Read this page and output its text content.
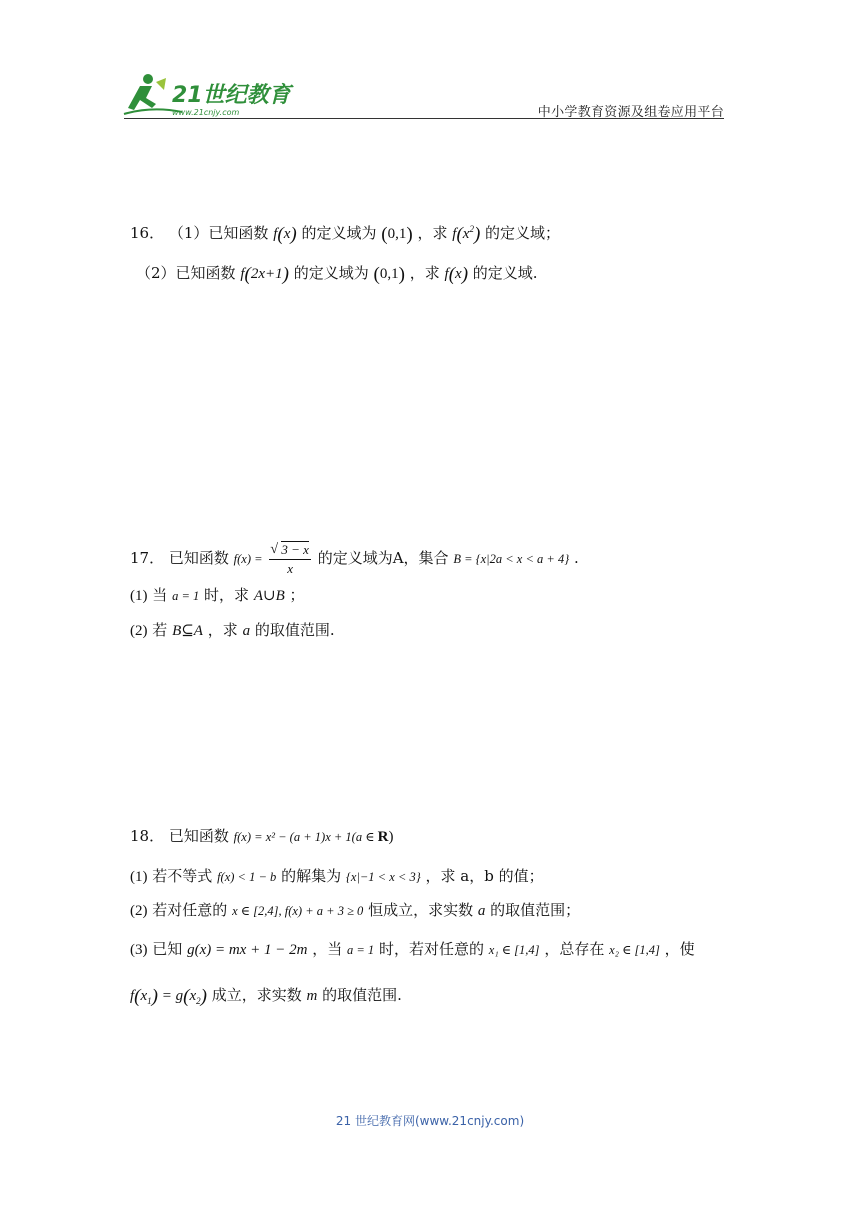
21世纪教育
www.21cnjy.com	中小学教育资源及组卷应用平台
16． （1）已知函数 f(x) 的定义域为 (0,1) ，求 $f(x^2)$ 的定义域；
（2）已知函数 f(2x+1) 的定义域为 (0,1) ，求 f(x) 的定义域.
17． 已知函数 f(x) =
√ $\frac{3 - x}{x}$ 的定义域为A，集合 B = {x|2a < x < a + 4} .
(1) 当 a = 1 时，求 A∪B ；
(2) 若 B⊆A ，求 a 的取值范围.
18． 已知函数 f(x) = x² − (a + 1)x + 1(a ∈ R)
(1) 若不等式 f(x) < 1 − b 的解集为 {x|−1 < x < 3} ，求 a，b 的值；
(2) 若对任意的 x ∈ [2,4], f(x) + a + 3 ≥ 0 恒成立，求实数 a 的取值范围；
(3) 已知 g(x) = mx + 1 − 2m ，当 a = 1 时，若对任意的 x₁ ∈ [1,4] ，总存在 x₂ ∈ [1,4] ，使
$f(x_1) = g(x_2)$ 成立，求实数 m 的取值范围.
21 世纪教育网(www.21cnjy.com)
